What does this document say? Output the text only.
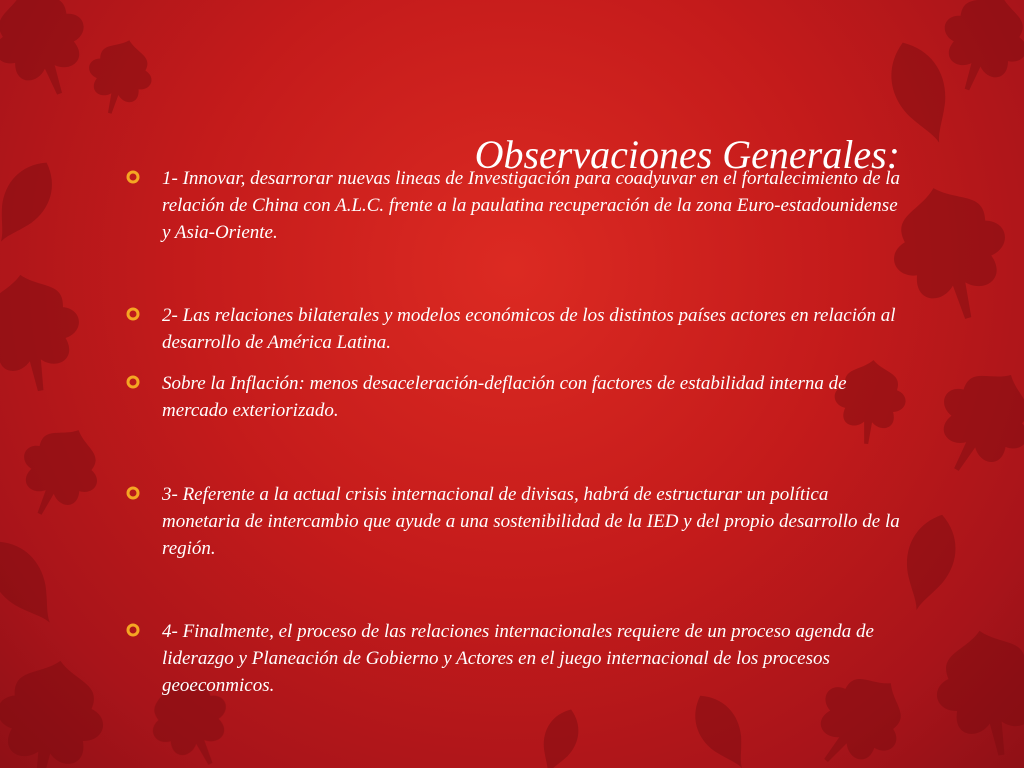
Observaciones Generales:
1- Innovar, desarrorar nuevas lineas de Investigación para coadyuvar en el fortalecimiento de la relación de China con A.L.C. frente a la paulatina recuperación de la zona Euro-estadounidense y Asia-Oriente.
2- Las relaciones bilaterales y modelos económicos de los distintos países actores en relación al desarrollo de América Latina.
Sobre la Inflación: menos desaceleración-deflación con factores de estabilidad interna de mercado exteriorizado.
3- Referente a la actual crisis internacional de divisas, habrá de estructurar un política monetaria de intercambio que ayude a una sostenibilidad de la IED y del propio desarrollo de la región.
4- Finalmente, el proceso de las relaciones internacionales requiere de un proceso agenda de liderazgo y Planeación de Gobierno y Actores en el juego internacional de los procesos geoeconmicos.
